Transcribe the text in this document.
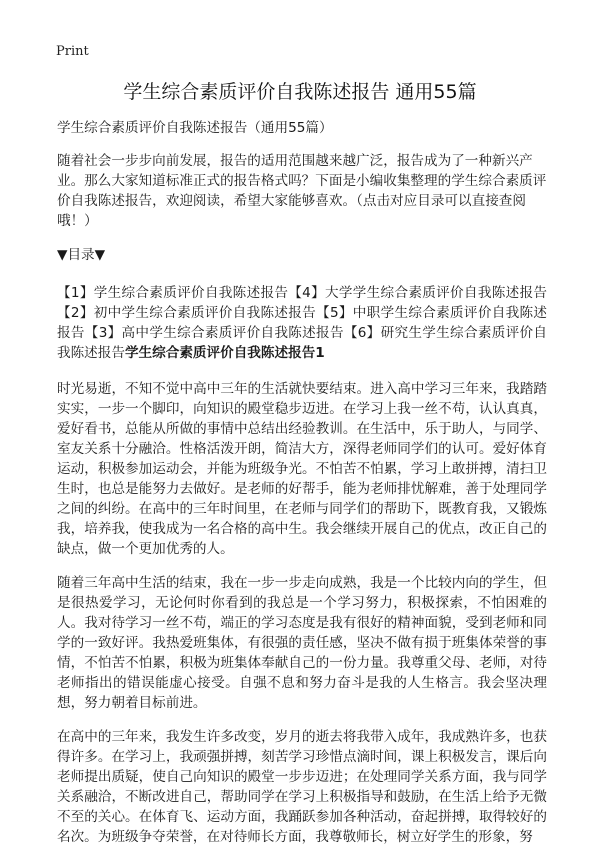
Print
学生综合素质评价自我陈述报告 通用55篇

学生综合素质评价自我陈述报告（通用55篇）

随着社会一步步向前发展，报告的适用范围越来越广泛，报告成为了一种新兴产业。那么大家知道标准正式的报告格式吗？下面是小编收集整理的学生综合素质评价自我陈述报告，欢迎阅读，希望大家能够喜欢。（点击对应目录可以直接查阅哦！）

▼目录▼

【1】学生综合素质评价自我陈述报告【4】大学学生综合素质评价自我陈述报告【2】初中学生综合素质评价自我陈述报告【5】中职学生综合素质评价自我陈述报告【3】高中学生综合素质评价自我陈述报告【6】研究生学生综合素质评价自我陈述报告学生综合素质评价自我陈述报告1

时光易逝，不知不觉中高中三年的生活就快要结束。进入高中学习三年来，我踏踏实实，一步一个脚印，向知识的殿堂稳步迈进。在学习上我一丝不苟，认认真真，爱好看书，总能从所做的事情中总结出经验教训。在生活中，乐于助人，与同学、室友关系十分融洽。性格活泼开朗，简洁大方，深得老师同学们的认可。爱好体育运动，积极参加运动会，并能为班级争光。不怕苦不怕累，学习上敢拼搏，清扫卫生时，也总是能努力去做好。是老师的好帮手，能为老师排忧解难，善于处理同学之间的纠纷。在高中的三年时间里，在老师与同学们的帮助下，既教育我，又锻炼我，培养我，使我成为一名合格的高中生。我会继续开展自己的优点，改正自己的缺点，做一个更加优秀的人。

随着三年高中生活的结束，我在一步一步走向成熟，我是一个比较内向的学生，但是很热爱学习，无论何时你看到的我总是一个学习努力，积极探索，不怕困难的人。我对待学习一丝不苟，端正的学习态度是我有很好的精神面貌，受到老师和同学的一致好评。我热爱班集体，有很强的责任感，坚决不做有损于班集体荣誉的事情，不怕苦不怕累，积极为班集体奉献自己的一份力量。我尊重父母、老师，对待老师指出的错误能虚心接受。自强不息和努力奋斗是我的人生格言。我会坚决理想，努力朝着目标前进。

在高中的三年来，我发生许多改变，岁月的逝去将我带入成年，我成熟许多，也获得许多。在学习上，我顽强拼搏，刻苦学习珍惜点滴时间，课上积极发言，课后向老师提出质疑，使自己向知识的殿堂一步步迈进；在处理同学关系方面，我与同学关系融洽，不断改进自己，帮助同学在学习上积极指导和鼓励，在生活上给予无微不至的关心。在体育飞、运动方面，我踊跃参加各种活动，奋起拼搏，取得较好的名次。为班级争夺荣誉，在对待师长方面，我尊敬师长，树立好学生的形象，努
